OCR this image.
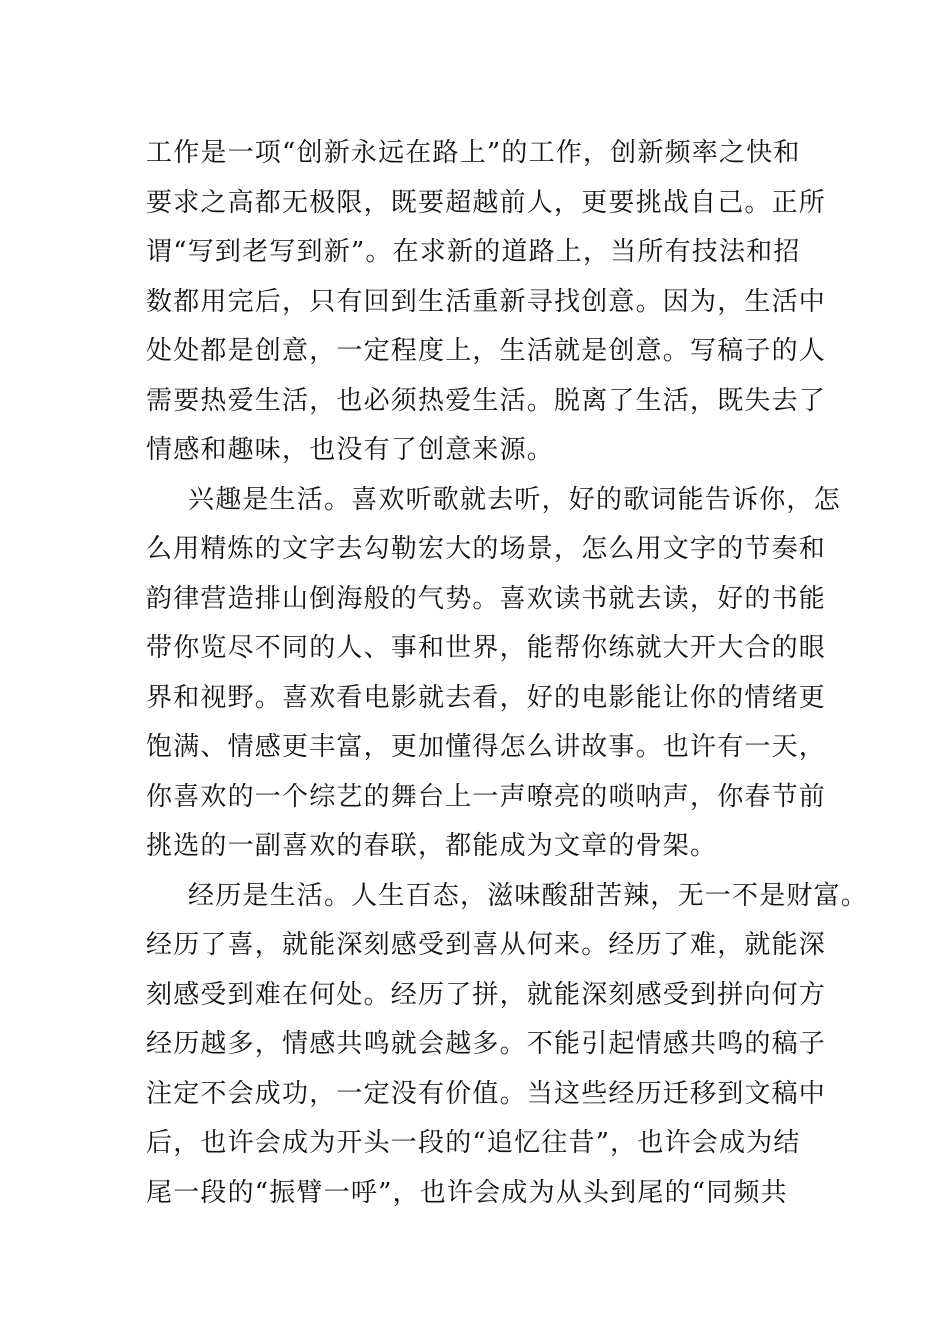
工作是一项“创新永远在路上”的工作，创新频率之快和
要求之高都无极限，既要超越前人，更要挑战自己。正所
谓“写到老写到新”。在求新的道路上，当所有技法和招
数都用完后，只有回到生活重新寻找创意。因为，生活中
处处都是创意，一定程度上，生活就是创意。写稿子的人
需要热爱生活，也必须热爱生活。脱离了生活，既失去了
情感和趣味，也没有了创意来源。
兴趣是生活。喜欢听歌就去听，好的歌词能告诉你，怎
么用精炼的文字去勾勒宏大的场景，怎么用文字的节奏和
韵律营造排山倒海般的气势。喜欢读书就去读，好的书能
带你览尽不同的人、事和世界，能帮你练就大开大合的眼
界和视野。喜欢看电影就去看，好的电影能让你的情绪更
饱满、情感更丰富，更加懂得怎么讲故事。也许有一天，
你喜欢的一个综艺的舞台上一声嘹亮的唢呐声，你春节前
挑选的一副喜欢的春联，都能成为文章的骨架。
经历是生活。人生百态，滋味酸甜苦辣，无一不是财富。
经历了喜，就能深刻感受到喜从何来。经历了难，就能深
刻感受到难在何处。经历了拼，就能深刻感受到拼向何方
经历越多，情感共鸣就会越多。不能引起情感共鸣的稿子
注定不会成功，一定没有价值。当这些经历迁移到文稿中
后，也许会成为开头一段的“追忆往昔”，也许会成为结
尾一段的“振臂一呼”，也许会成为从头到尾的“同频共
